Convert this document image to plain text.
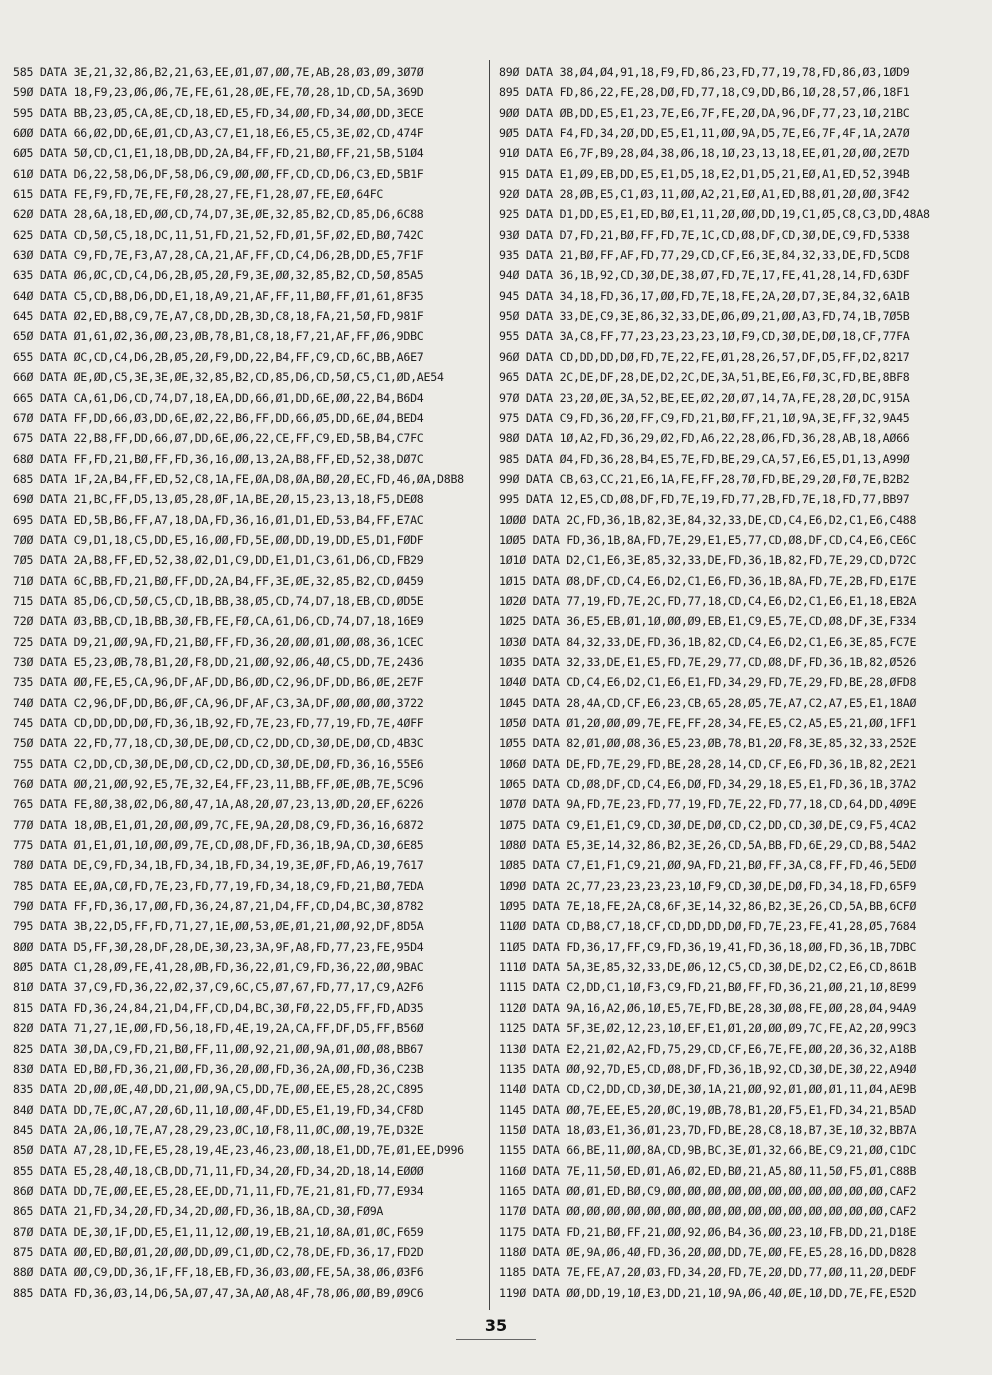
585 DATA 3E,21,32,86,B2,21,63,EE,Ø1,Ø7,ØØ,7E,AB,28,Ø3,Ø9,3Ø7Ø
59Ø DATA 18,F9,23,Ø6,Ø6,7E,FE,61,28,ØE,FE,7Ø,28,1D,CD,5A,369D
595 DATA BB,23,Ø5,CA,8E,CD,18,ED,E5,FD,34,ØØ,FD,34,ØØ,DD,3ECE
6ØØ DATA 66,Ø2,DD,6E,Ø1,CD,A3,C7,E1,18,E6,E5,C5,3E,Ø2,CD,474F
6Ø5 DATA 5Ø,CD,C1,E1,18,DB,DD,2A,B4,FF,FD,21,BØ,FF,21,5B,51Ø4
61Ø DATA D6,22,58,D6,DF,58,D6,C9,ØØ,ØØ,FF,CD,CD,D6,C3,ED,5B1F
615 DATA FE,F9,FD,7E,FE,FØ,28,27,FE,F1,28,Ø7,FE,EØ,64FC
62Ø DATA 28,6A,18,ED,ØØ,CD,74,D7,3E,ØE,32,85,B2,CD,85,D6,6C88
625 DATA CD,5Ø,C5,18,DC,11,51,FD,21,52,FD,Ø1,5F,Ø2,ED,BØ,742C
63Ø DATA C9,FD,7E,F3,A7,28,CA,21,AF,FF,CD,C4,D6,2B,DD,E5,7F1F
635 DATA Ø6,ØC,CD,C4,D6,2B,Ø5,2Ø,F9,3E,ØØ,32,85,B2,CD,5Ø,85A5
64Ø DATA C5,CD,B8,D6,DD,E1,18,A9,21,AF,FF,11,BØ,FF,Ø1,61,8F35
645 DATA Ø2,ED,B8,C9,7E,A7,C8,DD,2B,3D,C8,18,FA,21,5Ø,FD,981F
65Ø DATA Ø1,61,Ø2,36,ØØ,23,ØB,78,B1,C8,18,F7,21,AF,FF,Ø6,9DBC
655 DATA ØC,CD,C4,D6,2B,Ø5,2Ø,F9,DD,22,B4,FF,C9,CD,6C,BB,A6E7
66Ø DATA ØE,ØD,C5,3E,3E,ØE,32,85,B2,CD,85,D6,CD,5Ø,C5,C1,ØD,AE54
665 DATA CA,61,D6,CD,74,D7,18,EA,DD,66,Ø1,DD,6E,ØØ,22,B4,B6D4
67Ø DATA FF,DD,66,Ø3,DD,6E,Ø2,22,B6,FF,DD,66,Ø5,DD,6E,Ø4,BED4
675 DATA 22,B8,FF,DD,66,Ø7,DD,6E,Ø6,22,CE,FF,C9,ED,5B,B4,C7FC
68Ø DATA FF,FD,21,BØ,FF,FD,36,16,ØØ,13,2A,B8,FF,ED,52,38,DØ7C
685 DATA 1F,2A,B4,FF,ED,52,C8,1A,FE,ØA,D8,ØA,BØ,2Ø,EC,FD,46,ØA,D8B8
69Ø DATA 21,BC,FF,D5,13,Ø5,28,ØF,1A,BE,2Ø,15,23,13,18,F5,DEØ8
695 DATA ED,5B,B6,FF,A7,18,DA,FD,36,16,Ø1,D1,ED,53,B4,FF,E7AC
7ØØ DATA C9,D1,18,C5,DD,E5,16,ØØ,FD,5E,ØØ,DD,19,DD,E5,D1,FØDF
7Ø5 DATA 2A,B8,FF,ED,52,38,Ø2,D1,C9,DD,E1,D1,C3,61,D6,CD,FB29
71Ø DATA 6C,BB,FD,21,BØ,FF,DD,2A,B4,FF,3E,ØE,32,85,B2,CD,Ø459
715 DATA 85,D6,CD,5Ø,C5,CD,1B,BB,38,Ø5,CD,74,D7,18,EB,CD,ØD5E
72Ø DATA Ø3,BB,CD,1B,BB,3Ø,FB,FE,FØ,CA,61,D6,CD,74,D7,18,16E9
725 DATA D9,21,ØØ,9A,FD,21,BØ,FF,FD,36,2Ø,ØØ,Ø1,ØØ,Ø8,36,1CEC
73Ø DATA E5,23,ØB,78,B1,2Ø,F8,DD,21,ØØ,92,Ø6,4Ø,C5,DD,7E,2436
735 DATA ØØ,FE,E5,CA,96,DF,AF,DD,B6,ØD,C2,96,DF,DD,B6,ØE,2E7F
74Ø DATA C2,96,DF,DD,B6,ØF,CA,96,DF,AF,C3,3A,DF,ØØ,ØØ,ØØ,3722
745 DATA CD,DD,DD,DØ,FD,36,1B,92,FD,7E,23,FD,77,19,FD,7E,4ØFF
75Ø DATA 22,FD,77,18,CD,3Ø,DE,DØ,CD,C2,DD,CD,3Ø,DE,DØ,CD,4B3C
755 DATA C2,DD,CD,3Ø,DE,DØ,CD,C2,DD,CD,3Ø,DE,DØ,FD,36,16,55E6
76Ø DATA ØØ,21,ØØ,92,E5,7E,32,E4,FF,23,11,BB,FF,ØE,ØB,7E,5C96
765 DATA FE,8Ø,38,Ø2,D6,8Ø,47,1A,A8,2Ø,Ø7,23,13,ØD,2Ø,EF,6226
77Ø DATA 18,ØB,E1,Ø1,2Ø,ØØ,Ø9,7C,FE,9A,2Ø,D8,C9,FD,36,16,6872
775 DATA Ø1,E1,Ø1,1Ø,ØØ,Ø9,7E,CD,Ø8,DF,FD,36,1B,9A,CD,3Ø,6E85
78Ø DATA DE,C9,FD,34,1B,FD,34,1B,FD,34,19,3E,ØF,FD,A6,19,7617
785 DATA EE,ØA,CØ,FD,7E,23,FD,77,19,FD,34,18,C9,FD,21,BØ,7EDA
79Ø DATA FF,FD,36,17,ØØ,FD,36,24,87,21,D4,FF,CD,D4,BC,3Ø,8782
795 DATA 3B,22,D5,FF,FD,71,27,1E,ØØ,53,ØE,Ø1,21,ØØ,92,DF,8D5A
8ØØ DATA D5,FF,3Ø,28,DF,28,DE,3Ø,23,3A,9F,A8,FD,77,23,FE,95D4
8Ø5 DATA C1,28,Ø9,FE,41,28,ØB,FD,36,22,Ø1,C9,FD,36,22,ØØ,9BAC
81Ø DATA 37,C9,FD,36,22,Ø2,37,C9,6C,C5,Ø7,67,FD,77,17,C9,A2F6
815 DATA FD,36,24,84,21,D4,FF,CD,D4,BC,3Ø,FØ,22,D5,FF,FD,AD35
82Ø DATA 71,27,1E,ØØ,FD,56,18,FD,4E,19,2A,CA,FF,DF,D5,FF,B56Ø
825 DATA 3Ø,DA,C9,FD,21,BØ,FF,11,ØØ,92,21,ØØ,9A,Ø1,ØØ,Ø8,BB67
83Ø DATA ED,BØ,FD,36,21,ØØ,FD,36,2Ø,ØØ,FD,36,2A,ØØ,FD,36,C23B
835 DATA 2D,ØØ,ØE,4Ø,DD,21,ØØ,9A,C5,DD,7E,ØØ,EE,E5,28,2C,C895
84Ø DATA DD,7E,ØC,A7,2Ø,6D,11,1Ø,ØØ,4F,DD,E5,E1,19,FD,34,CF8D
845 DATA 2A,Ø6,1Ø,7E,A7,28,29,23,ØC,1Ø,F8,11,ØC,ØØ,19,7E,D32E
85Ø DATA A7,28,1D,FE,E5,28,19,4E,23,46,23,ØØ,18,E1,DD,7E,Ø1,EE,D996
855 DATA E5,28,4Ø,18,CB,DD,71,11,FD,34,2Ø,FD,34,2D,18,14,EØØØ
86Ø DATA DD,7E,ØØ,EE,E5,28,EE,DD,71,11,FD,7E,21,81,FD,77,E934
865 DATA 21,FD,34,2Ø,FD,34,2D,ØØ,FD,36,1B,8A,CD,3Ø,FØ9A
87Ø DATA DE,3Ø,1F,DD,E5,E1,11,12,ØØ,19,EB,21,1Ø,8A,Ø1,ØC,F659
875 DATA ØØ,ED,BØ,Ø1,2Ø,ØØ,DD,Ø9,C1,ØD,C2,78,DE,FD,36,17,FD2D
88Ø DATA ØØ,C9,DD,36,1F,FF,18,EB,FD,36,Ø3,ØØ,FE,5A,38,Ø6,Ø3F6
885 DATA FD,36,Ø3,14,D6,5A,Ø7,47,3A,AØ,A8,4F,78,Ø6,ØØ,B9,Ø9C6
89Ø DATA 38,Ø4,Ø4,91,18,F9,FD,86,23,FD,77,19,78,FD,86,Ø3,1ØD9
895 DATA FD,86,22,FE,28,DØ,FD,77,18,C9,DD,B6,1Ø,28,57,Ø6,18F1
9ØØ DATA ØB,DD,E5,E1,23,7E,E6,7F,FE,2Ø,DA,96,DF,77,23,1Ø,21BC
9Ø5 DATA F4,FD,34,2Ø,DD,E5,E1,11,ØØ,9A,D5,7E,E6,7F,4F,1A,2A7Ø
91Ø DATA E6,7F,B9,28,Ø4,38,Ø6,18,1Ø,23,13,18,EE,Ø1,2Ø,ØØ,2E7D
915 DATA E1,Ø9,EB,DD,E5,E1,D5,18,E2,D1,D5,21,EØ,A1,ED,52,394B
92Ø DATA 28,ØB,E5,C1,Ø3,11,ØØ,A2,21,EØ,A1,ED,B8,Ø1,2Ø,ØØ,3F42
925 DATA D1,DD,E5,E1,ED,BØ,E1,11,2Ø,ØØ,DD,19,C1,Ø5,C8,C3,DD,48A8
93Ø DATA D7,FD,21,BØ,FF,FD,7E,1C,CD,Ø8,DF,CD,3Ø,DE,C9,FD,5338
935 DATA 21,BØ,FF,AF,FD,77,29,CD,CF,E6,3E,84,32,33,DE,FD,5CD8
94Ø DATA 36,1B,92,CD,3Ø,DE,38,Ø7,FD,7E,17,FE,41,28,14,FD,63DF
945 DATA 34,18,FD,36,17,ØØ,FD,7E,18,FE,2A,2Ø,D7,3E,84,32,6A1B
95Ø DATA 33,DE,C9,3E,86,32,33,DE,Ø6,Ø9,21,ØØ,A3,FD,74,1B,7Ø5B
955 DATA 3A,C8,FF,77,23,23,23,23,1Ø,F9,CD,3Ø,DE,DØ,18,CF,77FA
96Ø DATA CD,DD,DD,DØ,FD,7E,22,FE,Ø1,28,26,57,DF,D5,FF,D2,8217
965 DATA 2C,DE,DF,28,DE,D2,2C,DE,3A,51,BE,E6,FØ,3C,FD,BE,8BF8
97Ø DATA 23,2Ø,ØE,3A,52,BE,EE,Ø2,2Ø,Ø7,14,7A,FE,28,2Ø,DC,915A
975 DATA C9,FD,36,2Ø,FF,C9,FD,21,BØ,FF,21,1Ø,9A,3E,FF,32,9A45
98Ø DATA 1Ø,A2,FD,36,29,Ø2,FD,A6,22,28,Ø6,FD,36,28,AB,18,AØ66
985 DATA Ø4,FD,36,28,B4,E5,7E,FD,BE,29,CA,57,E6,E5,D1,13,A99Ø
99Ø DATA CB,63,CC,21,E6,1A,FE,FF,28,7Ø,FD,BE,29,2Ø,FØ,7E,B2B2
995 DATA 12,E5,CD,Ø8,DF,FD,7E,19,FD,77,2B,FD,7E,18,FD,77,BB97
1ØØØ DATA 2C,FD,36,1B,82,3E,84,32,33,DE,CD,C4,E6,D2,C1,E6,C488
1ØØ5 DATA FD,36,1B,8A,FD,7E,29,E1,E5,77,CD,Ø8,DF,CD,C4,E6,CE6C
1Ø1Ø DATA D2,C1,E6,3E,85,32,33,DE,FD,36,1B,82,FD,7E,29,CD,D72C
1Ø15 DATA Ø8,DF,CD,C4,E6,D2,C1,E6,FD,36,1B,8A,FD,7E,2B,FD,E17E
1Ø2Ø DATA 77,19,FD,7E,2C,FD,77,18,CD,C4,E6,D2,C1,E6,E1,18,EB2A
1Ø25 DATA 36,E5,EB,Ø1,1Ø,ØØ,Ø9,EB,E1,C9,E5,7E,CD,Ø8,DF,3E,F334
1Ø3Ø DATA 84,32,33,DE,FD,36,1B,82,CD,C4,E6,D2,C1,E6,3E,85,FC7E
1Ø35 DATA 32,33,DE,E1,E5,FD,7E,29,77,CD,Ø8,DF,FD,36,1B,82,Ø526
1Ø4Ø DATA CD,C4,E6,D2,C1,E6,E1,FD,34,29,FD,7E,29,FD,BE,28,ØFD8
1Ø45 DATA 28,4A,CD,CF,E6,23,CB,65,28,Ø5,7E,A7,C2,A7,E5,E1,18AØ
1Ø5Ø DATA Ø1,2Ø,ØØ,Ø9,7E,FE,FF,28,34,FE,E5,C2,A5,E5,21,ØØ,1FF1
1Ø55 DATA 82,Ø1,ØØ,Ø8,36,E5,23,ØB,78,B1,2Ø,F8,3E,85,32,33,252E
1Ø6Ø DATA DE,FD,7E,29,FD,BE,28,28,14,CD,CF,E6,FD,36,1B,82,2E21
1Ø65 DATA CD,Ø8,DF,CD,C4,E6,DØ,FD,34,29,18,E5,E1,FD,36,1B,37A2
1Ø7Ø DATA 9A,FD,7E,23,FD,77,19,FD,7E,22,FD,77,18,CD,64,DD,4Ø9E
1Ø75 DATA C9,E1,E1,C9,CD,3Ø,DE,DØ,CD,C2,DD,CD,3Ø,DE,C9,F5,4CA2
1Ø8Ø DATA E5,3E,14,32,86,B2,3E,26,CD,5A,BB,FD,6E,29,CD,B8,54A2
1Ø85 DATA C7,E1,F1,C9,21,ØØ,9A,FD,21,BØ,FF,3A,C8,FF,FD,46,5EDØ
1Ø9Ø DATA 2C,77,23,23,23,23,1Ø,F9,CD,3Ø,DE,DØ,FD,34,18,FD,65F9
1Ø95 DATA 7E,18,FE,2A,C8,6F,3E,14,32,86,B2,3E,26,CD,5A,BB,6CFØ
11ØØ DATA CD,B8,C7,18,CF,CD,DD,DD,DØ,FD,7E,23,FE,41,28,Ø5,7684
11Ø5 DATA FD,36,17,FF,C9,FD,36,19,41,FD,36,18,ØØ,FD,36,1B,7DBC
111Ø DATA 5A,3E,85,32,33,DE,Ø6,12,C5,CD,3Ø,DE,D2,C2,E6,CD,861B
1115 DATA C2,DD,C1,1Ø,F3,C9,FD,21,BØ,FF,FD,36,21,ØØ,21,1Ø,8E99
112Ø DATA 9A,16,A2,Ø6,1Ø,E5,7E,FD,BE,28,3Ø,Ø8,FE,ØØ,28,Ø4,94A9
1125 DATA 5F,3E,Ø2,12,23,1Ø,EF,E1,Ø1,2Ø,ØØ,Ø9,7C,FE,A2,2Ø,99C3
113Ø DATA E2,21,Ø2,A2,FD,75,29,CD,CF,E6,7E,FE,ØØ,2Ø,36,32,A18B
1135 DATA ØØ,92,7D,E5,CD,Ø8,DF,FD,36,1B,92,CD,3Ø,DE,3Ø,22,A94Ø
114Ø DATA CD,C2,DD,CD,3Ø,DE,3Ø,1A,21,ØØ,92,Ø1,ØØ,Ø1,11,Ø4,AE9B
1145 DATA ØØ,7E,EE,E5,2Ø,ØC,19,ØB,78,B1,2Ø,F5,E1,FD,34,21,B5AD
115Ø DATA 18,Ø3,E1,36,Ø1,23,7D,FD,BE,28,C8,18,B7,3E,1Ø,32,BB7A
1155 DATA 66,BE,11,ØØ,8A,CD,9B,BC,3E,Ø1,32,66,BE,C9,21,ØØ,C1DC
116Ø DATA 7E,11,5Ø,ED,Ø1,A6,Ø2,ED,BØ,21,A5,8Ø,11,5Ø,F5,Ø1,C88B
1165 DATA ØØ,Ø1,ED,BØ,C9,ØØ,ØØ,ØØ,ØØ,ØØ,ØØ,ØØ,ØØ,ØØ,ØØ,ØØ,CAF2
117Ø DATA ØØ,ØØ,ØØ,ØØ,ØØ,ØØ,ØØ,ØØ,ØØ,ØØ,ØØ,ØØ,ØØ,ØØ,ØØ,ØØ,CAF2
1175 DATA FD,21,BØ,FF,21,ØØ,92,Ø6,B4,36,ØØ,23,1Ø,FB,DD,21,D18E
118Ø DATA ØE,9A,Ø6,4Ø,FD,36,2Ø,ØØ,DD,7E,ØØ,FE,E5,28,16,DD,D828
1185 DATA 7E,FE,A7,2Ø,Ø3,FD,34,2Ø,FD,7E,2Ø,DD,77,ØØ,11,2Ø,DEDF
119Ø DATA ØØ,DD,19,1Ø,E3,DD,21,1Ø,9A,Ø6,4Ø,ØE,1Ø,DD,7E,FE,E52D
35
